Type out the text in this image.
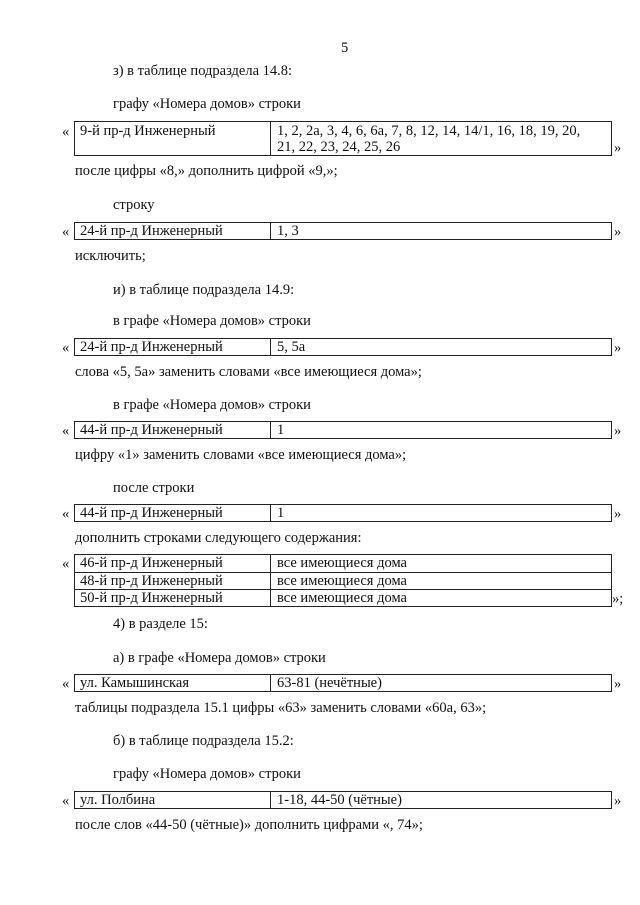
5
з) в таблице подраздела 14.8:
графу «Номера домов» строки
« 9-й пр-д Инженерный	1, 2, 2а, 3, 4, 6, 6а, 7, 8, 12, 14, 14/1, 16, 18, 19, 20,
21, 22, 23, 24, 25, 26	»
после цифры «8,» дополнить цифрой «9,»;
строку
« 24-й пр-д Инженерный	1, 3	»
исключить;
и) в таблице подраздела 14.9:
в графе «Номера домов» строки
« 24-й пр-д Инженерный	5, 5а	»
слова «5, 5а» заменить словами «все имеющиеся дома»;
в графе «Номера домов» строки
« 44-й пр-д Инженерный	1	»
цифру «1» заменить словами «все имеющиеся дома»;
после строки
« 44-й пр-д Инженерный	1	»
дополнить строками следующего содержания:
« 46-й пр-д Инженерный	все имеющиеся дома
48-й пр-д Инженерный	все имеющиеся дома
50-й пр-д Инженерный	все имеющиеся дома	»;
4) в разделе 15:
а) в графе «Номера домов» строки
« ул. Камышинская	63-81 (нечётные)	»
таблицы подраздела 15.1 цифры «63» заменить словами «60а, 63»;
б) в таблице подраздела 15.2:
графу «Номера домов» строки
« ул. Полбина	1-18, 44-50 (чётные)	»
после слов «44-50 (чётные)» дополнить цифрами «, 74»;
